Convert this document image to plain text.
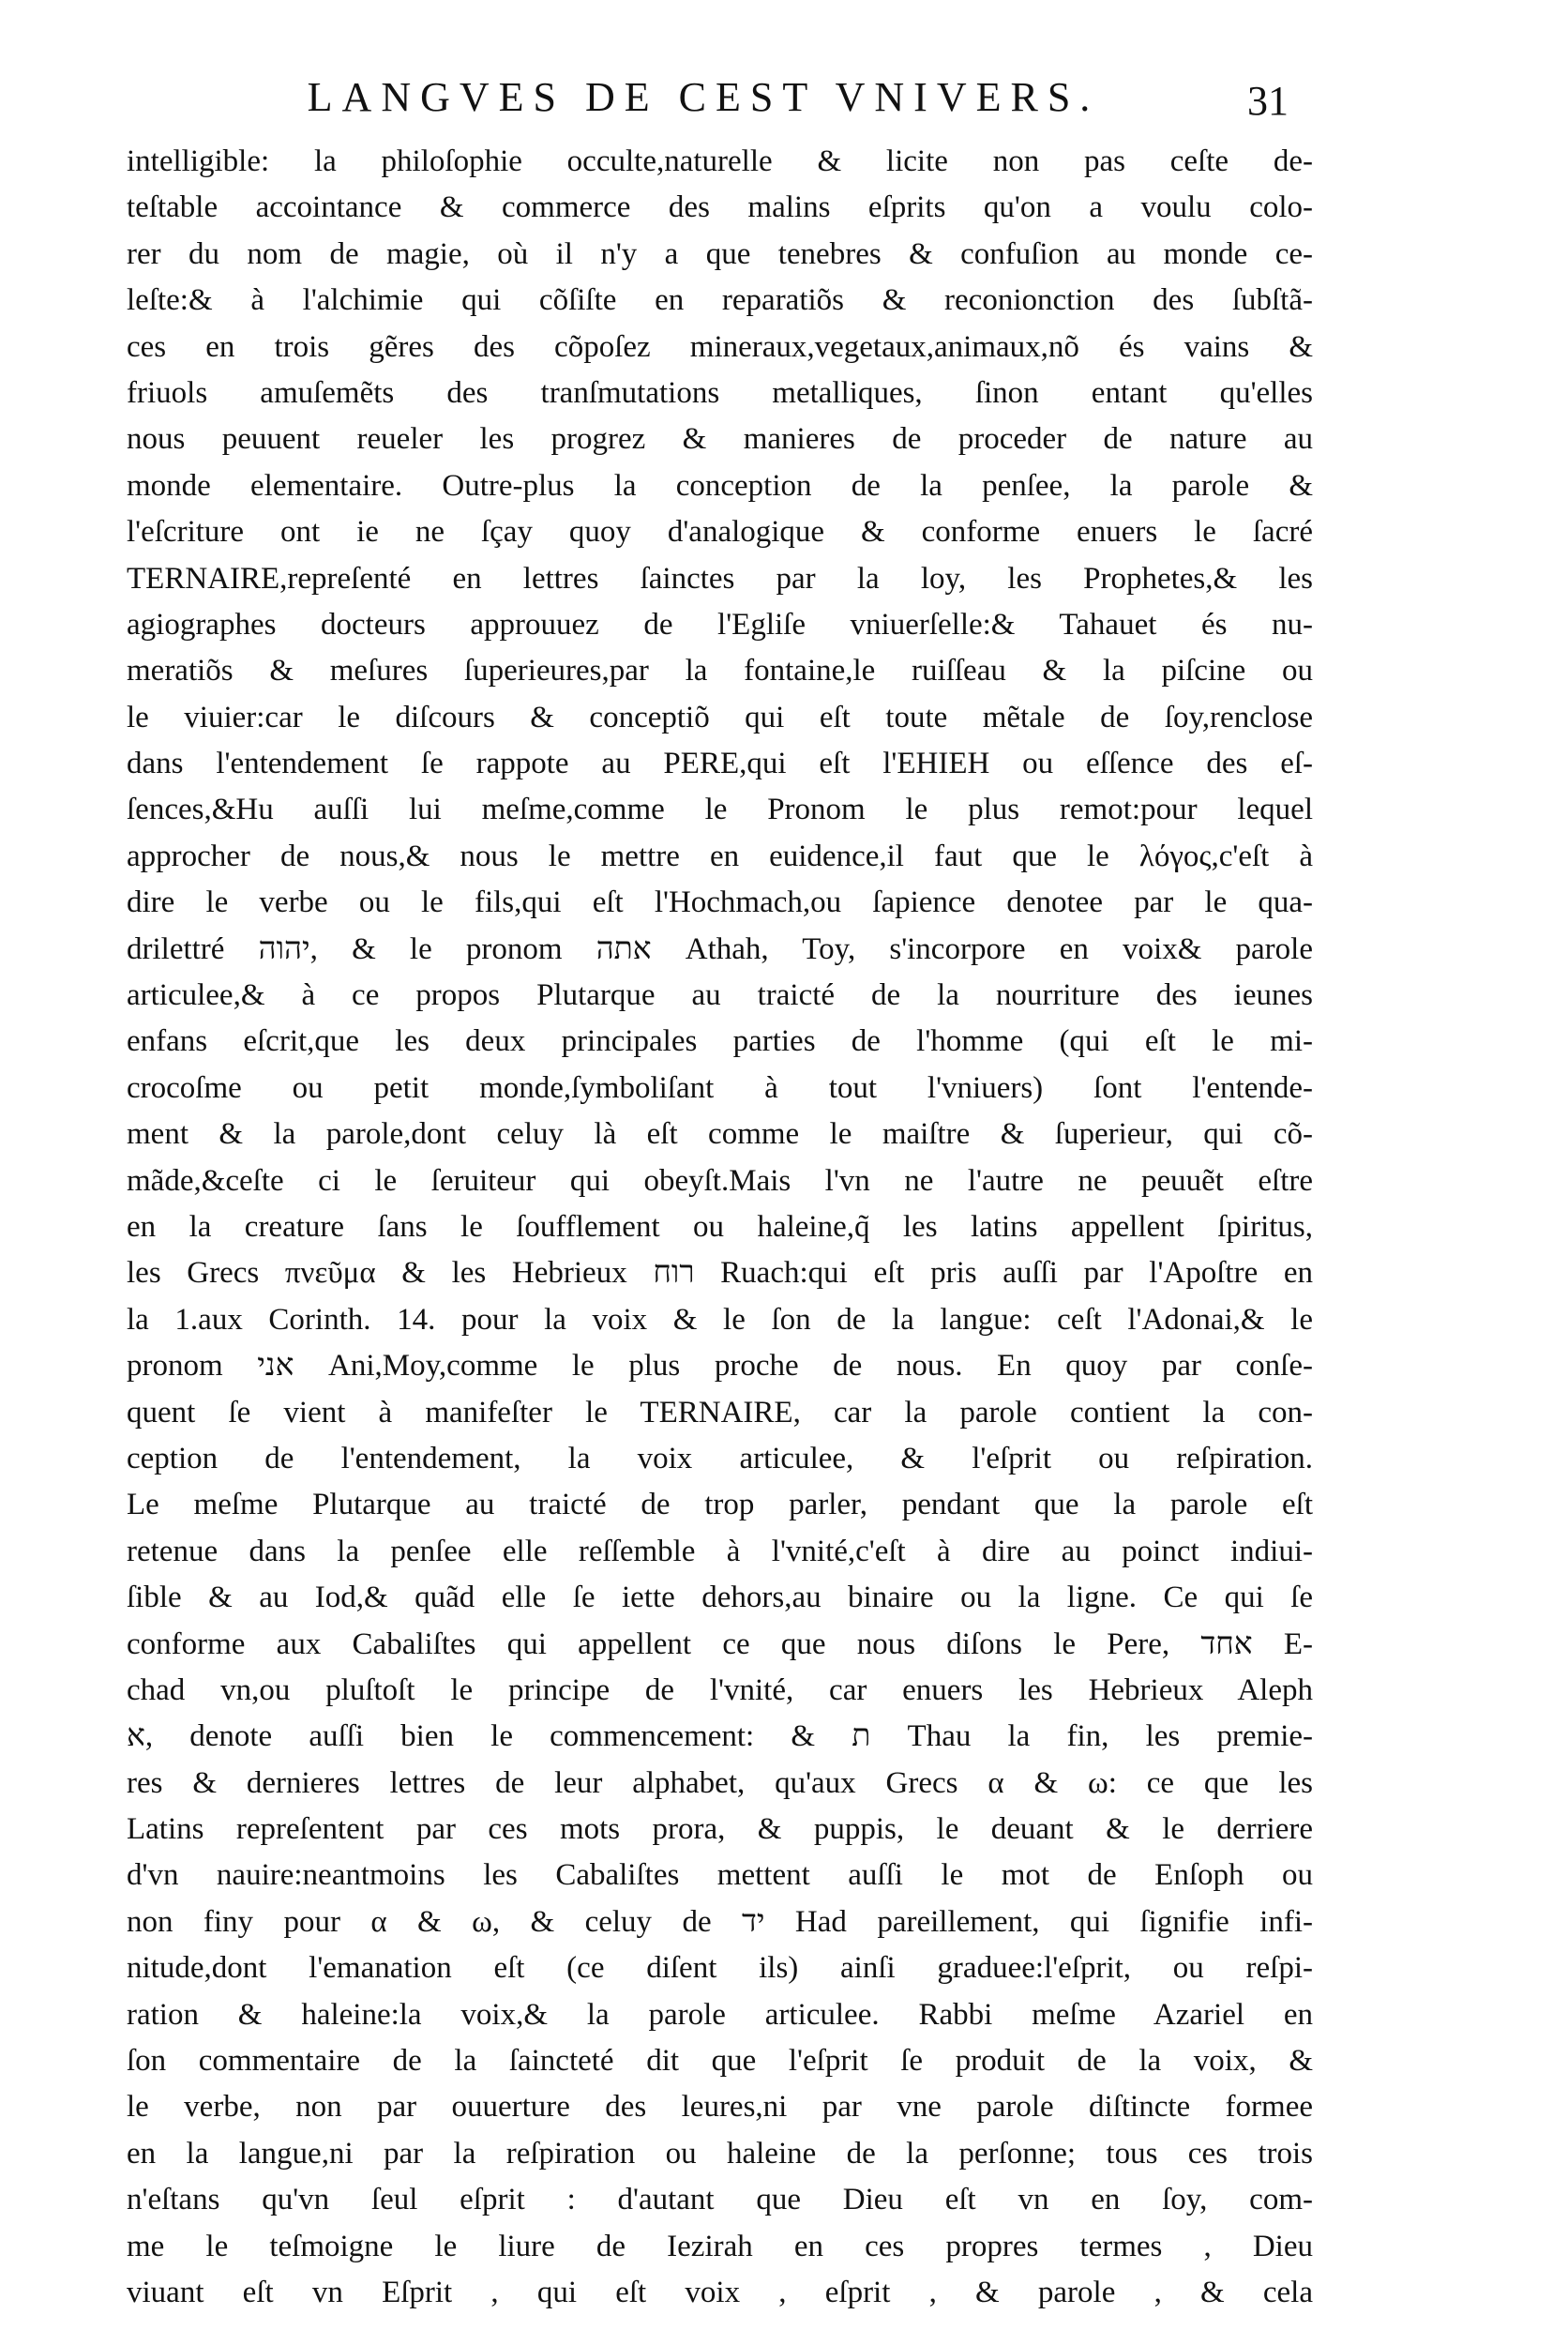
LANGVES DE CEST VNIVERS.	31
intelligible: la philoſophie occulte,naturelle & licite non pas ceſte de-
teſtable accointance & commerce des malins eſprits qu'on a voulu colo-
rer du nom de magie, où il n'y a que tenebres & confuſion au monde ce-
leſte:& à l'alchimie qui cõſiſte en reparatiõs & reconionction des ſubſtã-
ces en trois gẽres des cõpoſez mineraux,vegetaux,animaux,nõ és vains &
friuols amuſemẽts des tranſmutations metalliques, ſinon entant qu'elles
nous peuuent reueler les progrez & manieres de proceder de nature au
monde elementaire. Outre-plus la conception de la penſee, la parole &
l'eſcriture ont ie ne ſçay quoy d'analogique & conforme enuers le ſacré
TERNAIRE,repreſenté en lettres ſainctes par la loy, les Prophetes,& les
agiographes docteurs approuuez de l'Egliſe vniuerſelle:& Tahauet és nu-
meratiõs & meſures ſuperieures,par la fontaine,le ruiſſeau & la piſcine ou
le viuier:car le diſcours & conceptiõ qui eſt toute mẽtale de ſoy,renclose
dans l'entendement ſe rappote au PERE,qui eſt l'EHIEH ou eſſence des eſ-
ſences,&Hu auſſi lui meſme,comme le Pronom le plus remot:pour lequel
approcher de nous,& nous le mettre en euidence,il faut que le λόγος,c'eſt à
dire le verbe ou le fils,qui eſt l'Hochmach,ou ſapience denotee par le qua-
drilettré יהוה, & le pronom אתה Athah, Toy, s'incorpore en voix& parole
articulee,& à ce propos Plutarque au traicté de la nourriture des ieunes
enfans eſcrit,que les deux principales parties de l'homme (qui eſt le mi-
crocoſme ou petit monde,ſymboliſant à tout l'vniuers) ſont l'entende-
ment & la parole,dont celuy là eſt comme le maiſtre & ſuperieur, qui cõ-
mãde,&ceſte ci le ſeruiteur qui obeyſt.Mais l'vn ne l'autre ne peuuẽt eſtre
en la creature ſans le ſoufflement ou haleine,q̃ les latins appellent ſpiritus,
les Grecs πνεῦμα & les Hebrieux רוח Ruach:qui eſt pris auſſi par l'Apoſtre en
la 1.aux Corinth. 14. pour la voix & le ſon de la langue: ceſt l'Adonai,& le
pronom אני Ani,Moy,comme le plus proche de nous. En quoy par conſe-
quent ſe vient à manifeſter le TERNAIRE, car la parole contient la con-
ception de l'entendement, la voix articulee, & l'eſprit ou reſpiration.
Le meſme Plutarque au traicté de trop parler, pendant que la parole eſt
retenue dans la penſee elle reſſemble à l'vnité,c'eſt à dire au poinct indiui-
ſible & au Iod,& quãd elle ſe iette dehors,au binaire ou la ligne. Ce qui ſe
conforme aux Cabaliſtes qui appellent ce que nous diſons le Pere, אחד E-
chad vn,ou pluſtoſt le principe de l'vnité, car enuers les Hebrieux Aleph
א, denote auſſi bien le commencement: & ת Thau la fin, les premie-
res & dernieres lettres de leur alphabet, qu'aux Grecs α & ω: ce que les
Latins repreſentent par ces mots prora, & puppis, le deuant & le derriere
d'vn nauire:neantmoins les Cabaliſtes mettent auſſi le mot de Enſoph ou
non finy pour α & ω, & celuy de יד Had pareillement, qui ſignifie infi-
nitude,dont l'emanation eſt (ce diſent ils) ainſi graduee:l'eſprit, ou reſpi-
ration & haleine:la voix,& la parole articulee. Rabbi meſme Azariel en
ſon commentaire de la ſaincteté dit que l'eſprit ſe produit de la voix, &
le verbe, non par ouuerture des leures,ni par vne parole diſtincte formee
en la langue,ni par la reſpiration ou haleine de la perſonne; tous ces trois
n'eſtans qu'vn ſeul eſprit : d'autant que Dieu eſt vn en ſoy, com-
me le teſmoigne le liure de Iezirah en ces propres termes , Dieu
viuant eſt vn Eſprit , qui eſt voix , eſprit , & parole , & cela
